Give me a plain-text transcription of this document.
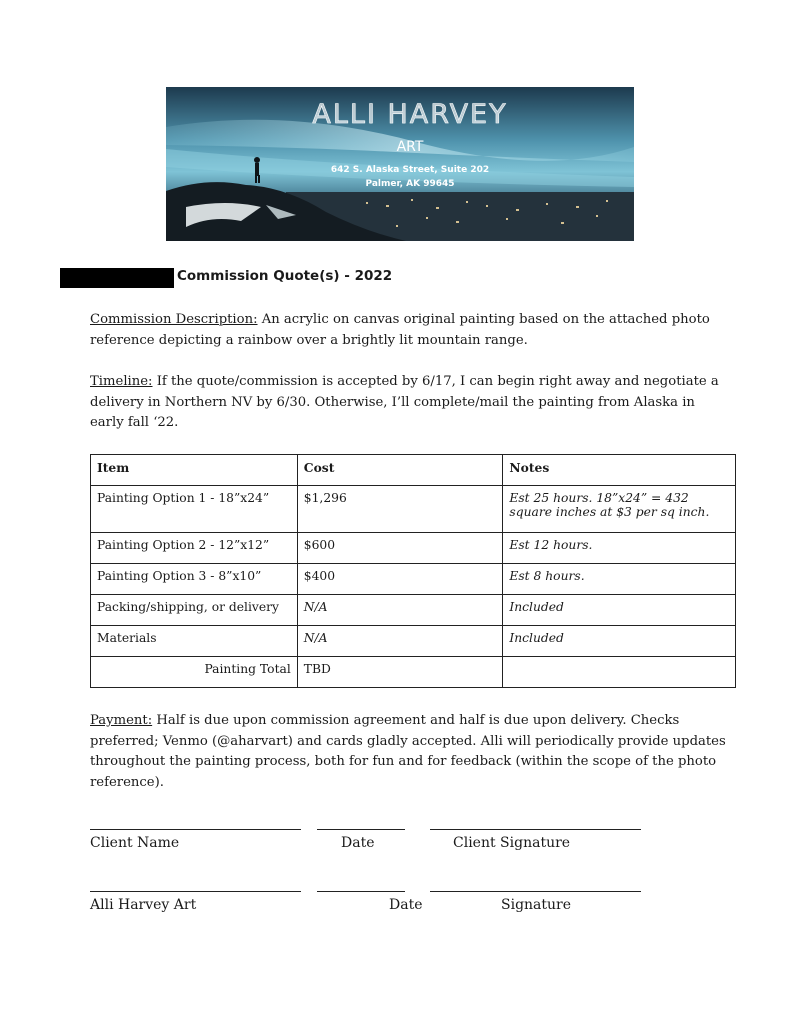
ALLI HARVEY
ART
642 S. Alaska Street, Suite 202
Palmer, AK 99645
Commission Quote(s) - 2022
Commission Description: An acrylic on canvas original painting based on the attached photo reference depicting a rainbow over a brightly lit mountain range.
Timeline: If the quote/commission is accepted by 6/17, I can begin right away and negotiate a delivery in Northern NV by 6/30. Otherwise, I’ll complete/mail the painting from Alaska in early fall ‘22.
Item	Cost	Notes
Painting Option 1 - 18”x24”	$1,296	Est 25 hours. 18”x24” = 432 square inches at $3 per sq inch.
Painting Option 2 - 12”x12”	$600	Est 12 hours.
Painting Option 3 - 8”x10”	$400	Est 8 hours.
Packing/shipping, or delivery	N/A	Included
Materials	N/A	Included
Painting Total	TBD	
Payment: Half is due upon commission agreement and half is due upon delivery. Checks preferred; Venmo (@aharvart) and cards gladly accepted. Alli will periodically provide updates throughout the painting process, both for fun and for feedback (within the scope of the photo reference).
Client Name	Date	Client Signature
Alli Harvey Art	Date	Signature
